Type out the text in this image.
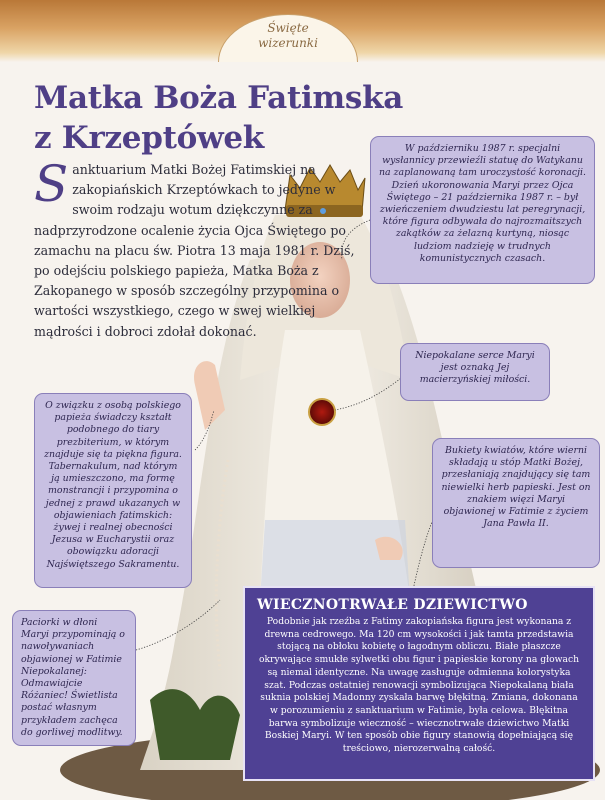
Święte
wizerunki
Matka Boża Fatimska
z Krzeptówek
Sanktuarium Matki Bożej Fatimskiej na zakopiańskich Krzeptówkach to jedyne w swoim rodzaju wotum dziękczynne za nadprzyrodzone ocalenie życia Ojca Świętego po zamachu na placu św. Piotra 13 maja 1981 r. Dziś, po odejściu polskiego papieża, Matka Boża z Zakopanego w sposób szczególny przypomina o wartości wszystkiego, czego w swej wielkiej mądrości i dobroci zdołał dokonać.
W październiku 1987 r. specjalni wysłannicy przewieźli statuę do Watykanu na zaplanowaną tam uroczystość koronacji. Dzień ukoronowania Maryi przez Ojca Świętego – 21 października 1987 r. – był zwieńczeniem dwudziestu lat peregrynacji, które figura odbywała do najrozmaitszych zakątków za żelazną kurtyną, niosąc ludziom nadzieję w trudnych komunistycznych czasach.
Niepokalane serce Maryi jest oznaką Jej macierzyńskiej miłości.
O związku z osobą polskiego papieża świadczy kształt podobnego do tiary prezbiterium, w którym znajduje się ta piękna figura. Tabernakulum, nad którym ją umieszczono, ma formę monstrancji i przypomina o jednej z prawd ukazanych w objawieniach fatimskich: żywej i realnej obecności Jezusa w Eucharystii oraz obowiązku adoracji Najświętszego Sakramentu.
Bukiety kwiatów, które wierni składają u stóp Matki Bożej, przesłaniają znajdujący się tam niewielki herb papieski. Jest on znakiem więzi Maryi objawionej w Fatimie z życiem Jana Pawła II.
Paciorki w dłoni Maryi przypominają o nawoływaniach objawionej w Fatimie Niepokalanej: Odmawiajcie Różaniec! Świetlista postać własnym przykładem zachęca do gorliwej modlitwy.
WIECZNOTRWAŁE DZIEWICTWO

Podobnie jak rzeźba z Fatimy zakopiańska figura jest wykonana z drewna cedrowego. Ma 120 cm wysokości i jak tamta przedstawia stojącą na obłoku kobietę o łagodnym obliczu. Białe płaszcze okrywające smukłe sylwetki obu figur i papieskie korony na głowach są niemal identyczne. Na uwagę zasługuje odmienna kolorystyka szat. Podczas ostatniej renowacji symbolizująca Niepokalaną biała suknia polskiej Madonny zyskała barwę błękitną. Zmiana, dokonana w porozumieniu z sanktuarium w Fatimie, była celowa. Błękitna barwa symbolizuje wieczność – wiecznotrwałe dziewictwo Matki Boskiej Maryi. W ten sposób obie figury stanowią dopełniającą się treściowo, nierozerwalną całość.
